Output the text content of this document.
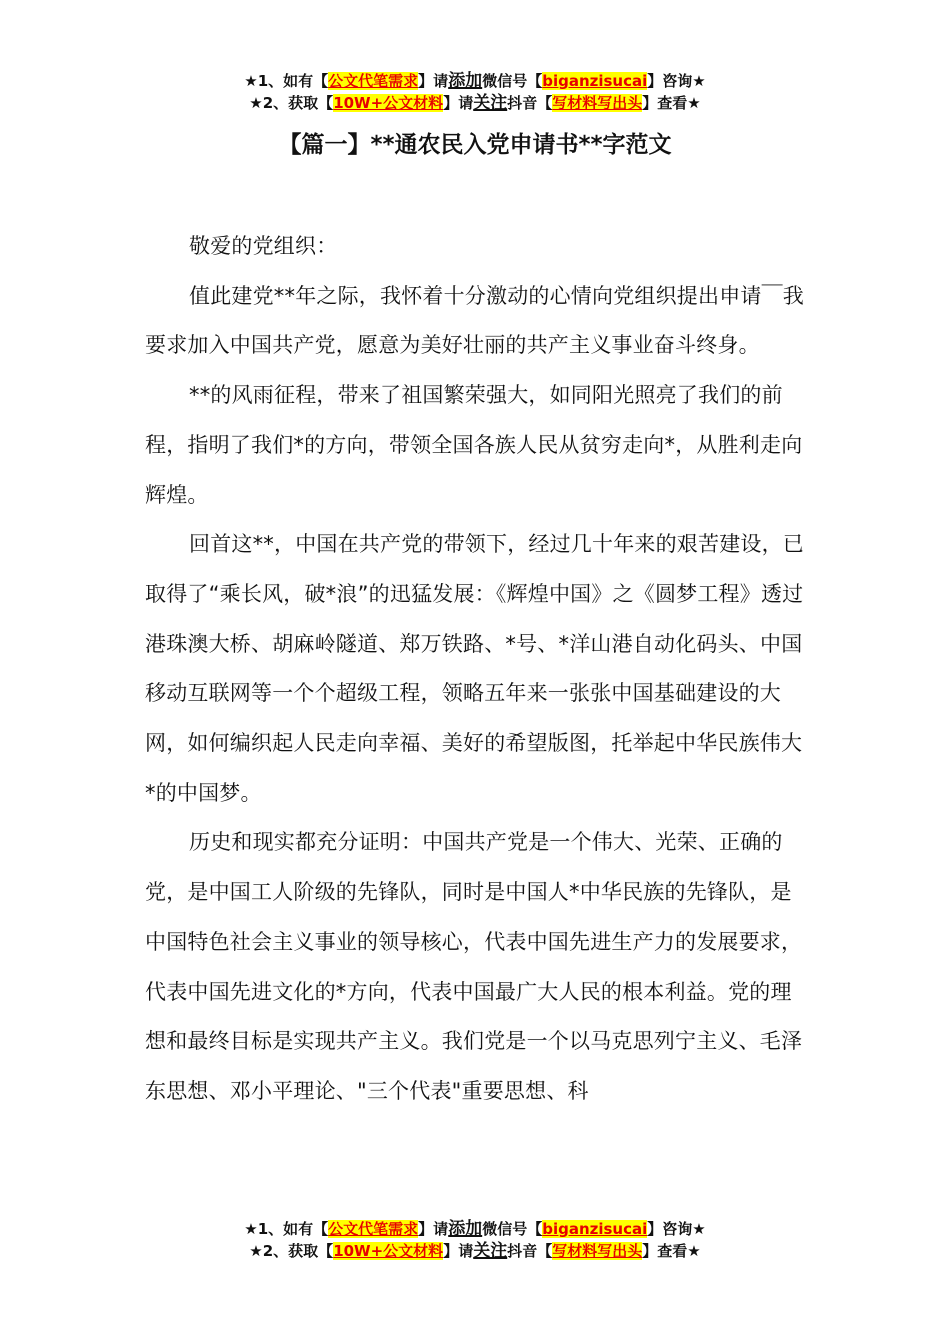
★1、如有【公文代笔需求】请添加微信号【biganzisucai】咨询★
★2、获取【10W+公文材料】请关注抖音【写材料写出头】查看★
【篇一】**通农民入党申请书**字范文

敬爱的党组织：

值此建党**年之际，我怀着十分激动的心情向党组织提出申请￣我要求加入中国共产党，愿意为美好壮丽的共产主义事业奋斗终身。

**的风雨征程，带来了祖国繁荣强大，如同阳光照亮了我们的前程，指明了我们*的方向，带领全国各族人民从贫穷走向*，从胜利走向辉煌。

回首这**，中国在共产党的带领下，经过几十年来的艰苦建设，已取得了“乘长风，破*浪”的迅猛发展：《辉煌中国》之《圆梦工程》透过港珠澳大桥、胡麻岭隧道、郑万铁路、*号、*洋山港自动化码头、中国移动互联网等一个个超级工程，领略五年来一张张中国基础建设的大网，如何编织起人民走向幸福、美好的希望版图，托举起中华民族伟大*的中国梦。

历史和现实都充分证明：中国共产党是一个伟大、光荣、正确的党，是中国工人阶级的先锋队，同时是中国人*中华民族的先锋队，是中国特色社会主义事业的领导核心，代表中国先进生产力的发展要求，代表中国先进文化的*方向，代表中国最广大人民的根本利益。党的理想和最终目标是实现共产主义。我们党是一个以马克思列宁主义、毛泽东思想、邓小平理论、"三个代表"重要思想、科

★1、如有【公文代笔需求】请添加微信号【biganzisucai】咨询★
★2、获取【10W+公文材料】请关注抖音【写材料写出头】查看★
